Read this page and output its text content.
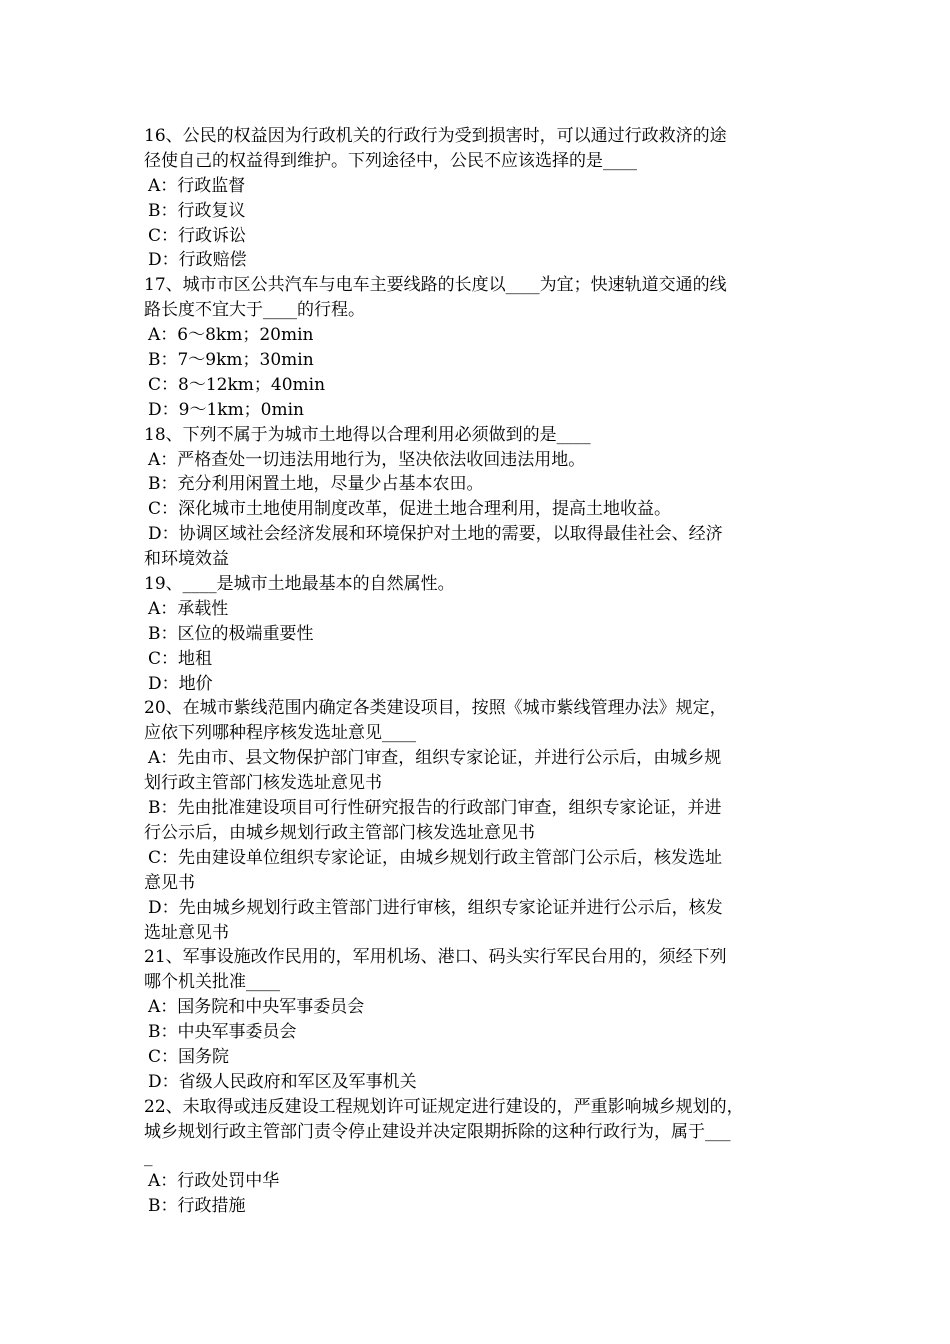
16、公民的权益因为行政机关的行政行为受到损害时，可以通过行政救济的途
径使自己的权益得到维护。下列途径中，公民不应该选择的是____
A：行政监督
B：行政复议
C：行政诉讼
D：行政赔偿
17、城市市区公共汽车与电车主要线路的长度以____为宜；快速轨道交通的线
路长度不宜大于____的行程。
A：6～8km；20min
B：7～9km；30min
C：8～12km；40min
D：9～1km；0min
18、下列不属于为城市土地得以合理利用必须做到的是____
A：严格查处一切违法用地行为，坚决依法收回违法用地。
B：充分利用闲置土地，尽量少占基本农田。
C：深化城市土地使用制度改革，促进土地合理利用，提高土地收益。
D：协调区域社会经济发展和环境保护对土地的需要，以取得最佳社会、经济
和环境效益
19、____是城市土地最基本的自然属性。
A：承载性
B：区位的极端重要性
C：地租
D：地价
20、在城市紫线范围内确定各类建设项目，按照《城市紫线管理办法》规定，
应依下列哪种程序核发选址意见____
A：先由市、县文物保护部门审查，组织专家论证，并进行公示后，由城乡规
划行政主管部门核发选址意见书
B：先由批准建设项目可行性研究报告的行政部门审查，组织专家论证，并进
行公示后，由城乡规划行政主管部门核发选址意见书
C：先由建设单位组织专家论证，由城乡规划行政主管部门公示后，核发选址
意见书
D：先由城乡规划行政主管部门进行审核，组织专家论证并进行公示后，核发
选址意见书
21、军事设施改作民用的，军用机场、港口、码头实行军民台用的，须经下列
哪个机关批准____
A：国务院和中央军事委员会
B：中央军事委员会
C：国务院
D：省级人民政府和军区及军事机关
22、未取得或违反建设工程规划许可证规定进行建设的，严重影响城乡规划的，
城乡规划行政主管部门责令停止建设并决定限期拆除的这种行政行为，属于___
_
A：行政处罚中华
B：行政措施
